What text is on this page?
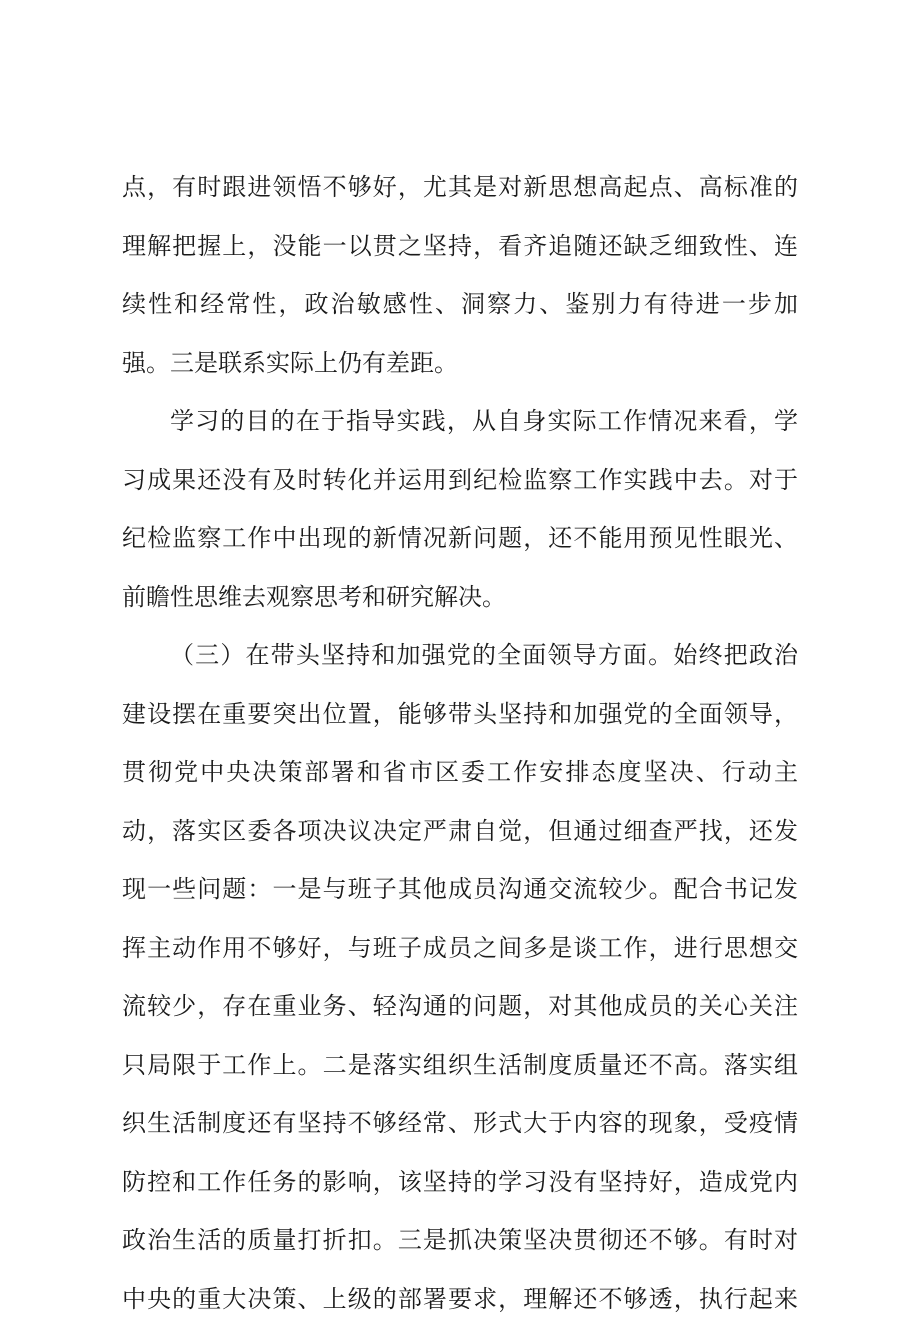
点，有时跟进领悟不够好，尤其是对新思想高起点、高标准的
理解把握上，没能一以贯之坚持，看齐追随还缺乏细致性、连
续性和经常性，政治敏感性、洞察力、鉴别力有待进一步加
强。三是联系实际上仍有差距。
学习的目的在于指导实践，从自身实际工作情况来看，学
习成果还没有及时转化并运用到纪检监察工作实践中去。对于
纪检监察工作中出现的新情况新问题，还不能用预见性眼光、
前瞻性思维去观察思考和研究解决。
（三）在带头坚持和加强党的全面领导方面。始终把政治
建设摆在重要突出位置，能够带头坚持和加强党的全面领导，
贯彻党中央决策部署和省市区委工作安排态度坚决、行动主
动，落实区委各项决议决定严肃自觉，但通过细查严找，还发
现一些问题：一是与班子其他成员沟通交流较少。配合书记发
挥主动作用不够好，与班子成员之间多是谈工作，进行思想交
流较少，存在重业务、轻沟通的问题，对其他成员的关心关注
只局限于工作上。二是落实组织生活制度质量还不高。落实组
织生活制度还有坚持不够经常、形式大于内容的现象，受疫情
防控和工作任务的影响，该坚持的学习没有坚持好，造成党内
政治生活的质量打折扣。三是抓决策坚决贯彻还不够。有时对
中央的重大决策、上级的部署要求，理解还不够透，执行起来
